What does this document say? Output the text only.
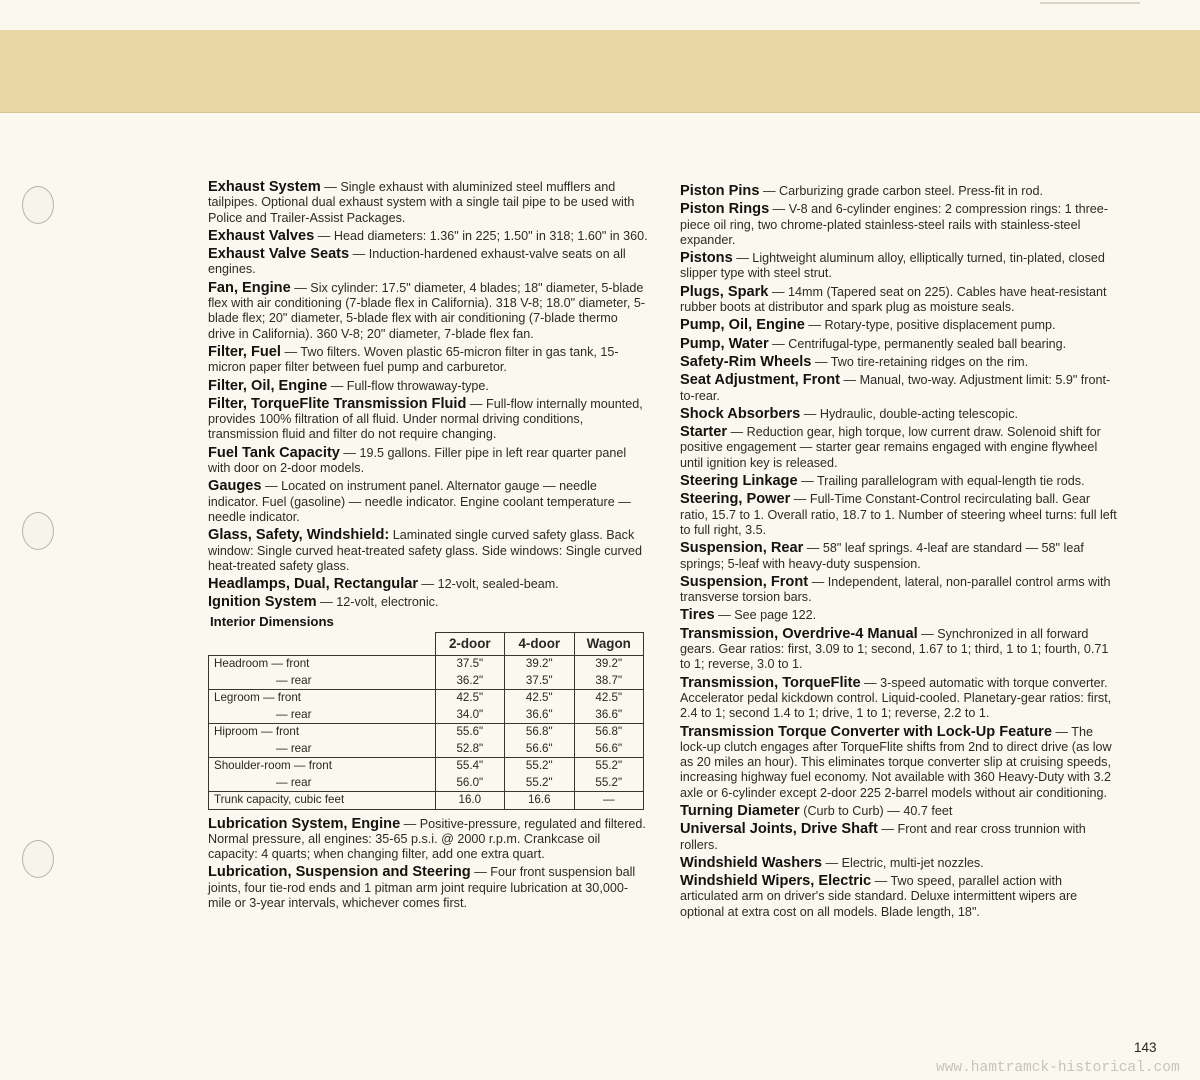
Exhaust System — Single exhaust with aluminized steel mufflers and tailpipes. Optional dual exhaust system with a single tail pipe to be used with Police and Trailer-Assist Packages.
Exhaust Valves — Head diameters: 1.36" in 225; 1.50" in 318; 1.60" in 360.
Exhaust Valve Seats — Induction-hardened exhaust-valve seats on all engines.
Fan, Engine — Six cylinder: 17.5" diameter, 4 blades; 18" diameter, 5-blade flex with air conditioning (7-blade flex in California). 318 V-8; 18.0" diameter, 5-blade flex; 20" diameter, 5-blade flex with air conditioning (7-blade thermo drive in California). 360 V-8; 20" diameter, 7-blade flex fan.
Filter, Fuel — Two filters. Woven plastic 65-micron filter in gas tank, 15-micron paper filter between fuel pump and carburetor.
Filter, Oil, Engine — Full-flow throwaway-type.
Filter, TorqueFlite Transmission Fluid — Full-flow internally mounted, provides 100% filtration of all fluid. Under normal driving conditions, transmission fluid and filter do not require changing.
Fuel Tank Capacity — 19.5 gallons. Filler pipe in left rear quarter panel with door on 2-door models.
Gauges — Located on instrument panel. Alternator gauge — needle indicator. Fuel (gasoline) — needle indicator. Engine coolant temperature — needle indicator.
Glass, Safety, Windshield: Laminated single curved safety glass. Back window: Single curved heat-treated safety glass. Side windows: Single curved heat-treated safety glass.
Headlamps, Dual, Rectangular — 12-volt, sealed-beam.
Ignition System — 12-volt, electronic.
Interior Dimensions
	2-door	4-door	Wagon
Headroom — front	37.5"	39.2"	39.2"

— rear	36.2"	37.5"	38.7"
Legroom — front	42.5"	42.5"	42.5"

— rear	34.0"	36.6"	36.6"
Hiproom — front	55.6"	56.8"	56.8"

— rear	52.8"	56.6"	56.6"
Shoulder-room — front	55.4"	55.2"	55.2"

— rear	56.0"	55.2"	55.2"
Trunk capacity, cubic feet	16.0	16.6	—
Lubrication System, Engine — Positive-pressure, regulated and filtered. Normal pressure, all engines: 35-65 p.s.i. @ 2000 r.p.m. Crankcase oil capacity: 4 quarts; when changing filter, add one extra quart.
Lubrication, Suspension and Steering — Four front suspension ball joints, four tie-rod ends and 1 pitman arm joint require lubrication at 30,000-mile or 3-year intervals, whichever comes first.
Piston Pins — Carburizing grade carbon steel. Press-fit in rod.
Piston Rings — V-8 and 6-cylinder engines: 2 compression rings: 1 three-piece oil ring, two chrome-plated stainless-steel rails with stainless-steel expander.
Pistons — Lightweight aluminum alloy, elliptically turned, tin-plated, closed slipper type with steel strut.
Plugs, Spark — 14mm (Tapered seat on 225). Cables have heat-resistant rubber boots at distributor and spark plug as moisture seals.
Pump, Oil, Engine — Rotary-type, positive displacement pump.
Pump, Water — Centrifugal-type, permanently sealed ball bearing.
Safety-Rim Wheels — Two tire-retaining ridges on the rim.
Seat Adjustment, Front — Manual, two-way. Adjustment limit: 5.9" front-to-rear.
Shock Absorbers — Hydraulic, double-acting telescopic.
Starter — Reduction gear, high torque, low current draw. Solenoid shift for positive engagement — starter gear remains engaged with engine flywheel until ignition key is released.
Steering Linkage — Trailing parallelogram with equal-length tie rods.
Steering, Power — Full-Time Constant-Control recirculating ball. Gear ratio, 15.7 to 1. Overall ratio, 18.7 to 1. Number of steering wheel turns: full left to full right, 3.5.
Suspension, Rear — 58" leaf springs. 4-leaf are standard — 58" leaf springs; 5-leaf with heavy-duty suspension.
Suspension, Front — Independent, lateral, non-parallel control arms with transverse torsion bars.
Tires — See page 122.
Transmission, Overdrive-4 Manual — Synchronized in all forward gears. Gear ratios: first, 3.09 to 1; second, 1.67 to 1; third, 1 to 1; fourth, 0.71 to 1; reverse, 3.0 to 1.
Transmission, TorqueFlite — 3-speed automatic with torque converter. Accelerator pedal kickdown control. Liquid-cooled. Planetary-gear ratios: first, 2.4 to 1; second 1.4 to 1; drive, 1 to 1; reverse, 2.2 to 1.
Transmission Torque Converter with Lock-Up Feature — The lock-up clutch engages after TorqueFlite shifts from 2nd to direct drive (as low as 20 miles an hour). This eliminates torque converter slip at cruising speeds, increasing highway fuel economy. Not available with 360 Heavy-Duty with 3.2 axle or 6-cylinder except 2-door 225 2-barrel models without air conditioning.
Turning Diameter (Curb to Curb) — 40.7 feet
Universal Joints, Drive Shaft — Front and rear cross trunnion with rollers.
Windshield Washers — Electric, multi-jet nozzles.
Windshield Wipers, Electric — Two speed, parallel action with articulated arm on driver's side standard. Deluxe intermittent wipers are optional at extra cost on all models. Blade length, 18".
143
www.hamtramck-historical.com
